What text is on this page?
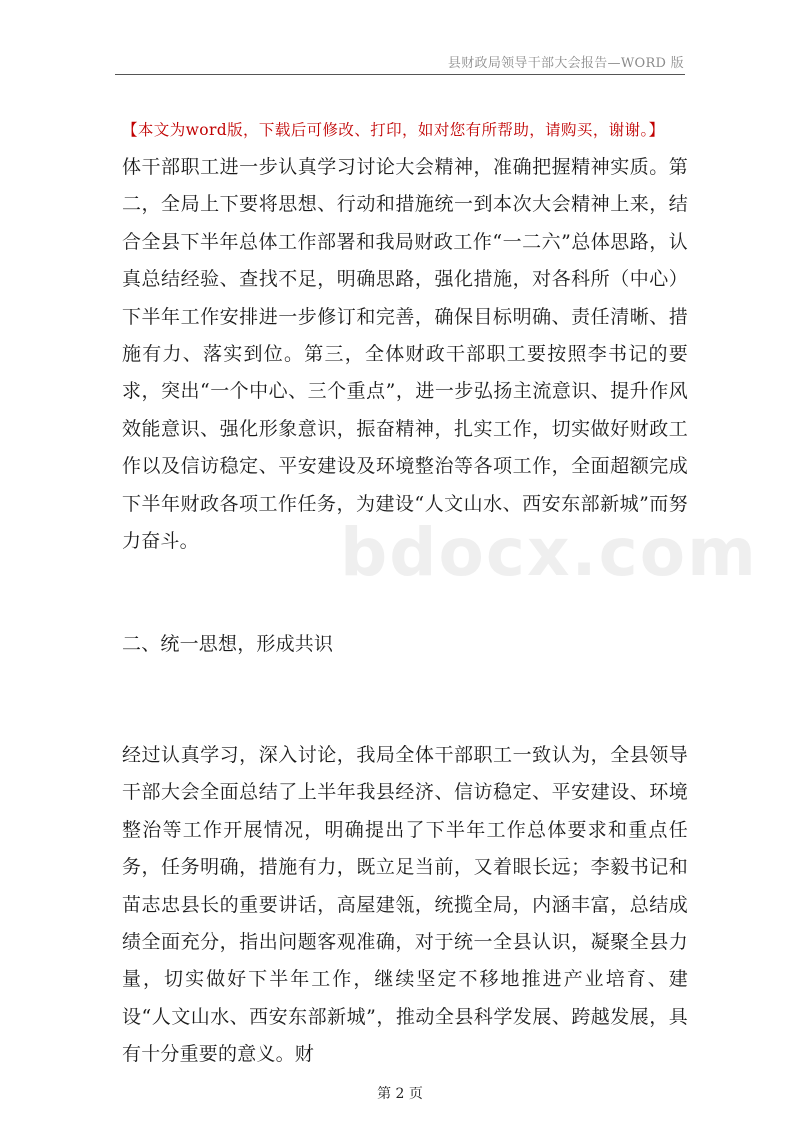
县财政局领导干部大会报告—WORD 版
【本文为word版，下载后可修改、打印，如对您有所帮助，请购买，谢谢。】
bdocx.com

体干部职工进一步认真学习讨论大会精神，准确把握精神实质。第二，全局上下要将思想、行动和措施统一到本次大会精神上来，结合全县下半年总体工作部署和我局财政工作“一二六”总体思路，认真总结经验、查找不足，明确思路，强化措施，对各科所（中心）下半年工作安排进一步修订和完善，确保目标明确、责任清晰、措施有力、落实到位。第三，全体财政干部职工要按照李书记的要求，突出“一个中心、三个重点”，进一步弘扬主流意识、提升作风效能意识、强化形象意识，振奋精神，扎实工作，切实做好财政工作以及信访稳定、平安建设及环境整治等各项工作，全面超额完成下半年财政各项工作任务，为建设“人文山水、西安东部新城”而努力奋斗。

二、统一思想，形成共识

经过认真学习，深入讨论，我局全体干部职工一致认为，全县领导干部大会全面总结了上半年我县经济、信访稳定、平安建设、环境整治等工作开展情况，明确提出了下半年工作总体要求和重点任务，任务明确，措施有力，既立足当前，又着眼长远；李毅书记和苗志忠县长的重要讲话，高屋建瓴，统揽全局，内涵丰富，总结成绩全面充分，指出问题客观准确，对于统一全县认识，凝聚全县力量，切实做好下半年工作，继续坚定不移地推进产业培育、建设“人文山水、西安东部新城”，推动全县科学发展、跨越发展，具有十分重要的意义。财

第 2 页
